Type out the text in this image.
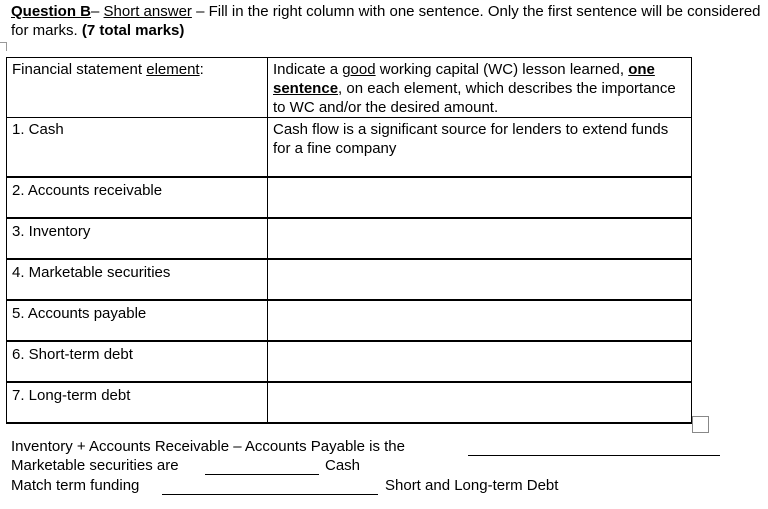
Question B– Short answer – Fill in the right column with one sentence. Only the first sentence will be considered for marks. (7 total marks)
Financial statement element:	Indicate a good working capital (WC) lesson learned, one sentence, on each element, which describes the importance to WC and/or the desired amount.
1. Cash	Cash flow is a significant source for lenders to extend funds for a fine company
2. Accounts receivable	
3. Inventory	
4. Marketable securities	
5. Accounts payable	
6. Short-term debt	
7. Long-term debt	
Inventory + Accounts Receivable – Accounts Payable is the
Marketable securities are	Cash
Match term funding	Short and Long-term Debt
